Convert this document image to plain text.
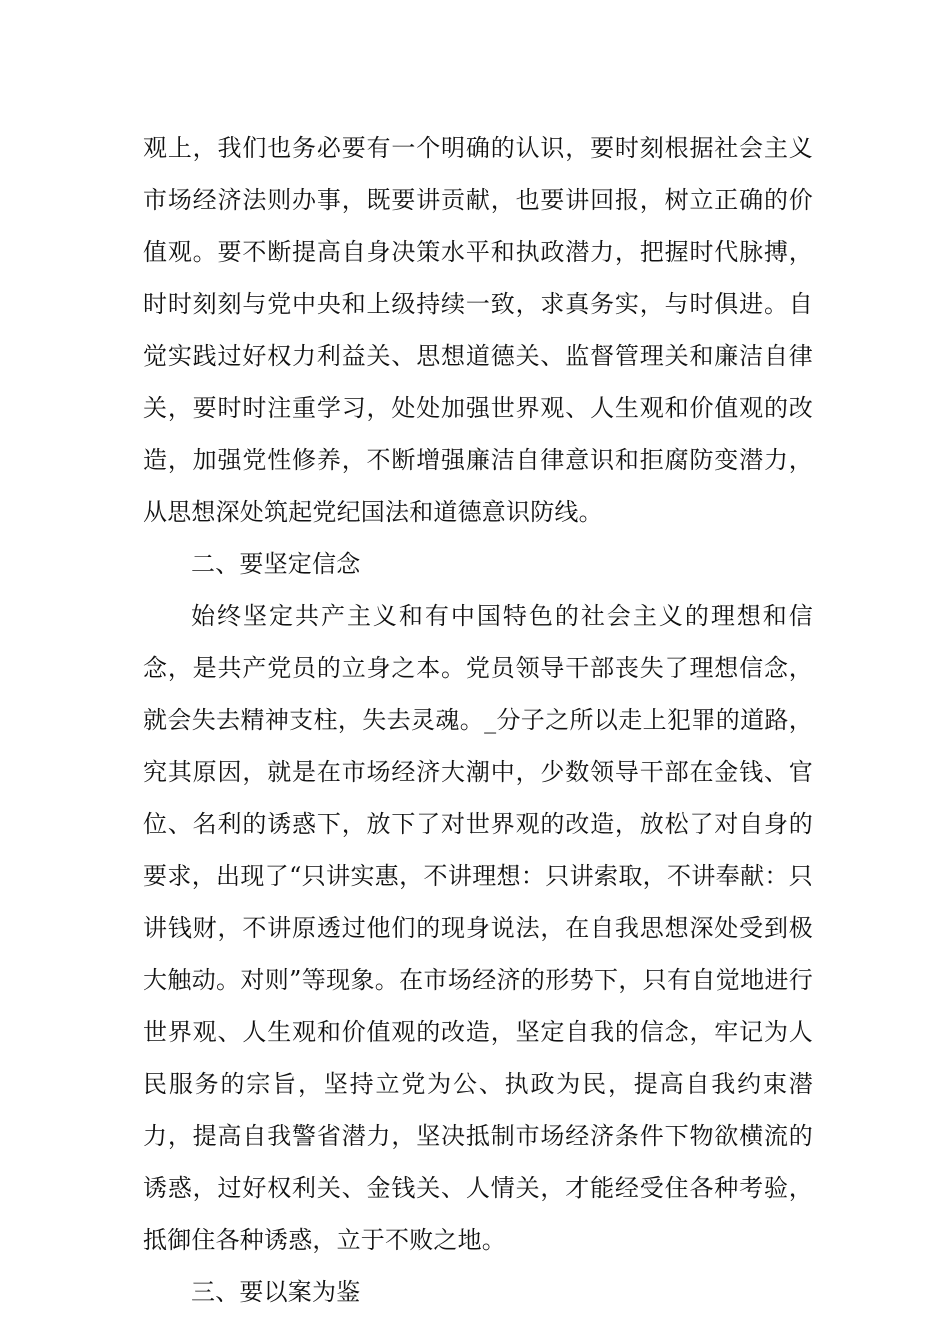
观上，我们也务必要有一个明确的认识，要时刻根据社会主义市场经济法则办事，既要讲贡献，也要讲回报，树立正确的价值观。要不断提高自身决策水平和执政潜力，把握时代脉搏，时时刻刻与党中央和上级持续一致，求真务实，与时俱进。自觉实践过好权力利益关、思想道德关、监督管理关和廉洁自律关，要时时注重学习，处处加强世界观、人生观和价值观的改造，加强党性修养，不断增强廉洁自律意识和拒腐防变潜力，从思想深处筑起党纪国法和道德意识防线。

二、要坚定信念

始终坚定共产主义和有中国特色的社会主义的理想和信念，是共产党员的立身之本。党员领导干部丧失了理想信念，就会失去精神支柱，失去灵魂。_分子之所以走上犯罪的道路，究其原因，就是在市场经济大潮中，少数领导干部在金钱、官位、名利的诱惑下，放下了对世界观的改造，放松了对自身的要求，出现了“只讲实惠，不讲理想：只讲索取，不讲奉献：只讲钱财，不讲原透过他们的现身说法，在自我思想深处受到极大触动。对则”等现象。在市场经济的形势下，只有自觉地进行世界观、人生观和价值观的改造，坚定自我的信念，牢记为人民服务的宗旨，坚持立党为公、执政为民，提高自我约束潜力，提高自我警省潜力，坚决抵制市场经济条件下物欲横流的诱惑，过好权利关、金钱关、人情关，才能经受住各种考验，抵御住各种诱惑，立于不败之地。

三、要以案为鉴
